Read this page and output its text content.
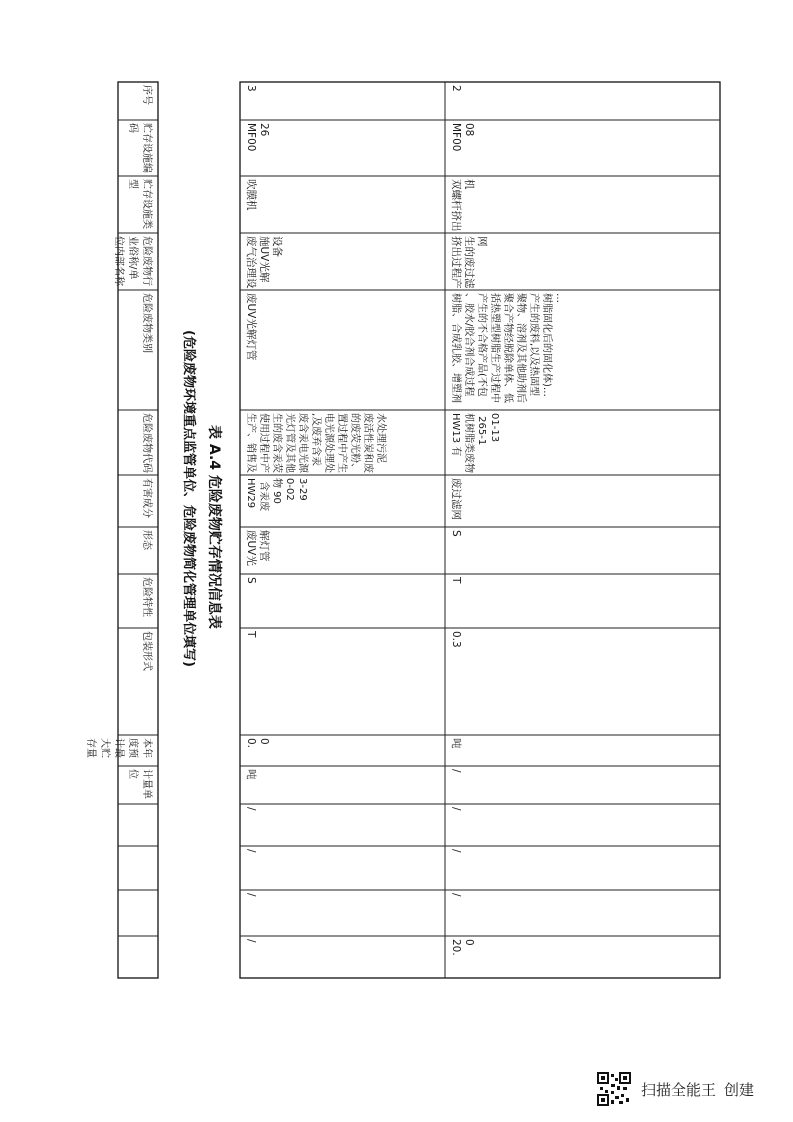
表 A.4 危险废物贮存情况信息表
(危险废物环境重点监管单位、危险废物简化管理单位填写)
序号
贮存设施编码
贮存设施类型
危险废物行业俗称/单位内部名称
危险废物类别
危险废物代码
有害成分
形态
危险特性
包装形式
本年度预计最大贮存量
计量单位
2
MF0008
双螺杆挤出机
挤出过程产生的废过滤网
树脂、合成乳胶、增塑剂 、胶水/胶合剂合成过程 产生的不合格产品(不包 括热塑型树脂生产过程中 聚合产物经脱除单体、低 聚物、溶剂及其他助剂后 产生的废料,以及热固型 树脂固化后的固化体)… …
HW13 有 机树脂类废物 265-1 01-13
废过滤网
S
T
0.3
吨
/
/
/
/
20.0
3
MF0026
吹膜机
废气治理设施UV光解设备
废UV光解灯管
生产、销售及 使用过程中产 生的废含汞荧 光灯管及其他 废含汞电光源 ,及废弃含汞 电光源处理处 置过程中产生 的废荧光粉、 废活性炭和废 水处理污泥
HW29 含汞废 物 90 0-02 3-29
废UV光解灯管
S
T
0.0
吨
/
/
/
/
扫描全能王 创建
